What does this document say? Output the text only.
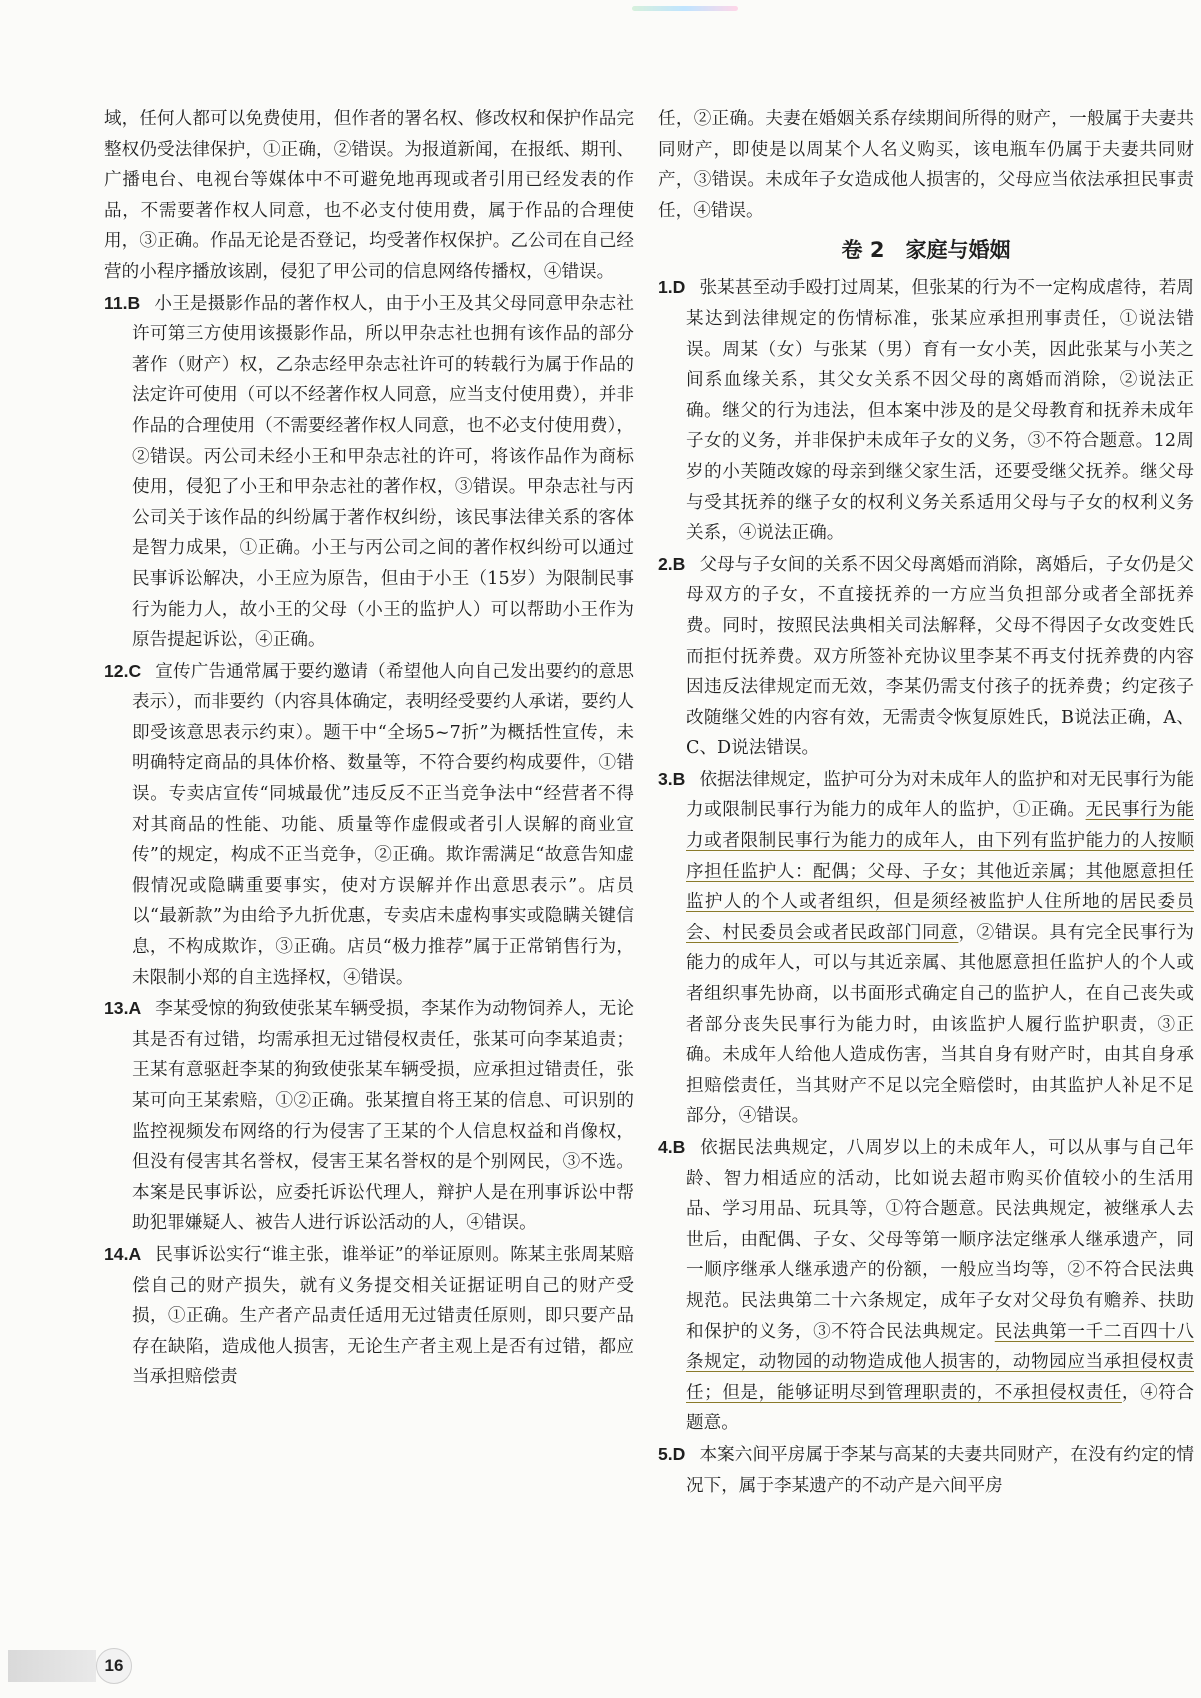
域，任何人都可以免费使用，但作者的署名权、修改权和保护作品完整权仍受法律保护，①正确，②错误。为报道新闻，在报纸、期刊、广播电台、电视台等媒体中不可避免地再现或者引用已经发表的作品，不需要著作权人同意，也不必支付使用费，属于作品的合理使用，③正确。作品无论是否登记，均受著作权保护。乙公司在自己经营的小程序播放该剧，侵犯了甲公司的信息网络传播权，④错误。

11.B 小王是摄影作品的著作权人，由于小王及其父母同意甲杂志社许可第三方使用该摄影作品，所以甲杂志社也拥有该作品的部分著作（财产）权，乙杂志经甲杂志社许可的转载行为属于作品的法定许可使用（可以不经著作权人同意，应当支付使用费），并非作品的合理使用（不需要经著作权人同意，也不必支付使用费），②错误。丙公司未经小王和甲杂志社的许可，将该作品作为商标使用，侵犯了小王和甲杂志社的著作权，③错误。甲杂志社与丙公司关于该作品的纠纷属于著作权纠纷，该民事法律关系的客体是智力成果，①正确。小王与丙公司之间的著作权纠纷可以通过民事诉讼解决，小王应为原告，但由于小王（15岁）为限制民事行为能力人，故小王的父母（小王的监护人）可以帮助小王作为原告提起诉讼，④正确。

12.C 宣传广告通常属于要约邀请（希望他人向自己发出要约的意思表示），而非要约（内容具体确定，表明经受要约人承诺，要约人即受该意思表示约束）。题干中“全场5~7折”为概括性宣传，未明确特定商品的具体价格、数量等，不符合要约构成要件，①错误。专卖店宣传“同城最优”违反反不正当竞争法中“经营者不得对其商品的性能、功能、质量等作虚假或者引人误解的商业宣传”的规定，构成不正当竞争，②正确。欺诈需满足“故意告知虚假情况或隐瞒重要事实，使对方误解并作出意思表示”。店员以“最新款”为由给予九折优惠，专卖店未虚构事实或隐瞒关键信息，不构成欺诈，③正确。店员“极力推荐”属于正常销售行为，未限制小郑的自主选择权，④错误。

13.A 李某受惊的狗致使张某车辆受损，李某作为动物饲养人，无论其是否有过错，均需承担无过错侵权责任，张某可向李某追责；王某有意驱赶李某的狗致使张某车辆受损，应承担过错责任，张某可向王某索赔，①②正确。张某擅自将王某的信息、可识别的监控视频发布网络的行为侵害了王某的个人信息权益和肖像权，但没有侵害其名誉权，侵害王某名誉权的是个别网民，③不选。本案是民事诉讼，应委托诉讼代理人，辩护人是在刑事诉讼中帮助犯罪嫌疑人、被告人进行诉讼活动的人，④错误。

14.A 民事诉讼实行“谁主张，谁举证”的举证原则。陈某主张周某赔偿自己的财产损失，就有义务提交相关证据证明自己的财产受损，①正确。生产者产品责任适用无过错责任原则，即只要产品存在缺陷，造成他人损害，无论生产者主观上是否有过错，都应当承担赔偿责

任，②正确。夫妻在婚姻关系存续期间所得的财产，一般属于夫妻共同财产，即使是以周某个人名义购买，该电瓶车仍属于夫妻共同财产，③错误。未成年子女造成他人损害的，父母应当依法承担民事责任，④错误。

卷 2　家庭与婚姻

1.D 张某甚至动手殴打过周某，但张某的行为不一定构成虐待，若周某达到法律规定的伤情标准，张某应承担刑事责任，①说法错误。周某（女）与张某（男）育有一女小芙，因此张某与小芙之间系血缘关系，其父女关系不因父母的离婚而消除，②说法正确。继父的行为违法，但本案中涉及的是父母教育和抚养未成年子女的义务，并非保护未成年子女的义务，③不符合题意。12周岁的小芙随改嫁的母亲到继父家生活，还要受继父抚养。继父母与受其抚养的继子女的权利义务关系适用父母与子女的权利义务关系，④说法正确。

2.B 父母与子女间的关系不因父母离婚而消除，离婚后，子女仍是父母双方的子女，不直接抚养的一方应当负担部分或者全部抚养费。同时，按照民法典相关司法解释，父母不得因子女改变姓氏而拒付抚养费。双方所签补充协议里李某不再支付抚养费的内容因违反法律规定而无效，李某仍需支付孩子的抚养费；约定孩子改随继父姓的内容有效，无需责令恢复原姓氏，B说法正确，A、C、D说法错误。

3.B 依据法律规定，监护可分为对未成年人的监护和对无民事行为能力或限制民事行为能力的成年人的监护，①正确。无民事行为能力或者限制民事行为能力的成年人，由下列有监护能力的人按顺序担任监护人：配偶；父母、子女；其他近亲属；其他愿意担任监护人的个人或者组织，但是须经被监护人住所地的居民委员会、村民委员会或者民政部门同意，②错误。具有完全民事行为能力的成年人，可以与其近亲属、其他愿意担任监护人的个人或者组织事先协商，以书面形式确定自己的监护人，在自己丧失或者部分丧失民事行为能力时，由该监护人履行监护职责，③正确。未成年人给他人造成伤害，当其自身有财产时，由其自身承担赔偿责任，当其财产不足以完全赔偿时，由其监护人补足不足部分，④错误。

4.B 依据民法典规定，八周岁以上的未成年人，可以从事与自己年龄、智力相适应的活动，比如说去超市购买价值较小的生活用品、学习用品、玩具等，①符合题意。民法典规定，被继承人去世后，由配偶、子女、父母等第一顺序法定继承人继承遗产，同一顺序继承人继承遗产的份额，一般应当均等，②不符合民法典规范。民法典第二十六条规定，成年子女对父母负有赡养、扶助和保护的义务，③不符合民法典规定。民法典第一千二百四十八条规定，动物园的动物造成他人损害的，动物园应当承担侵权责任；但是，能够证明尽到管理职责的，不承担侵权责任，④符合题意。

5.D 本案六间平房属于李某与高某的夫妻共同财产，在没有约定的情况下，属于李某遗产的不动产是六间平房

16
